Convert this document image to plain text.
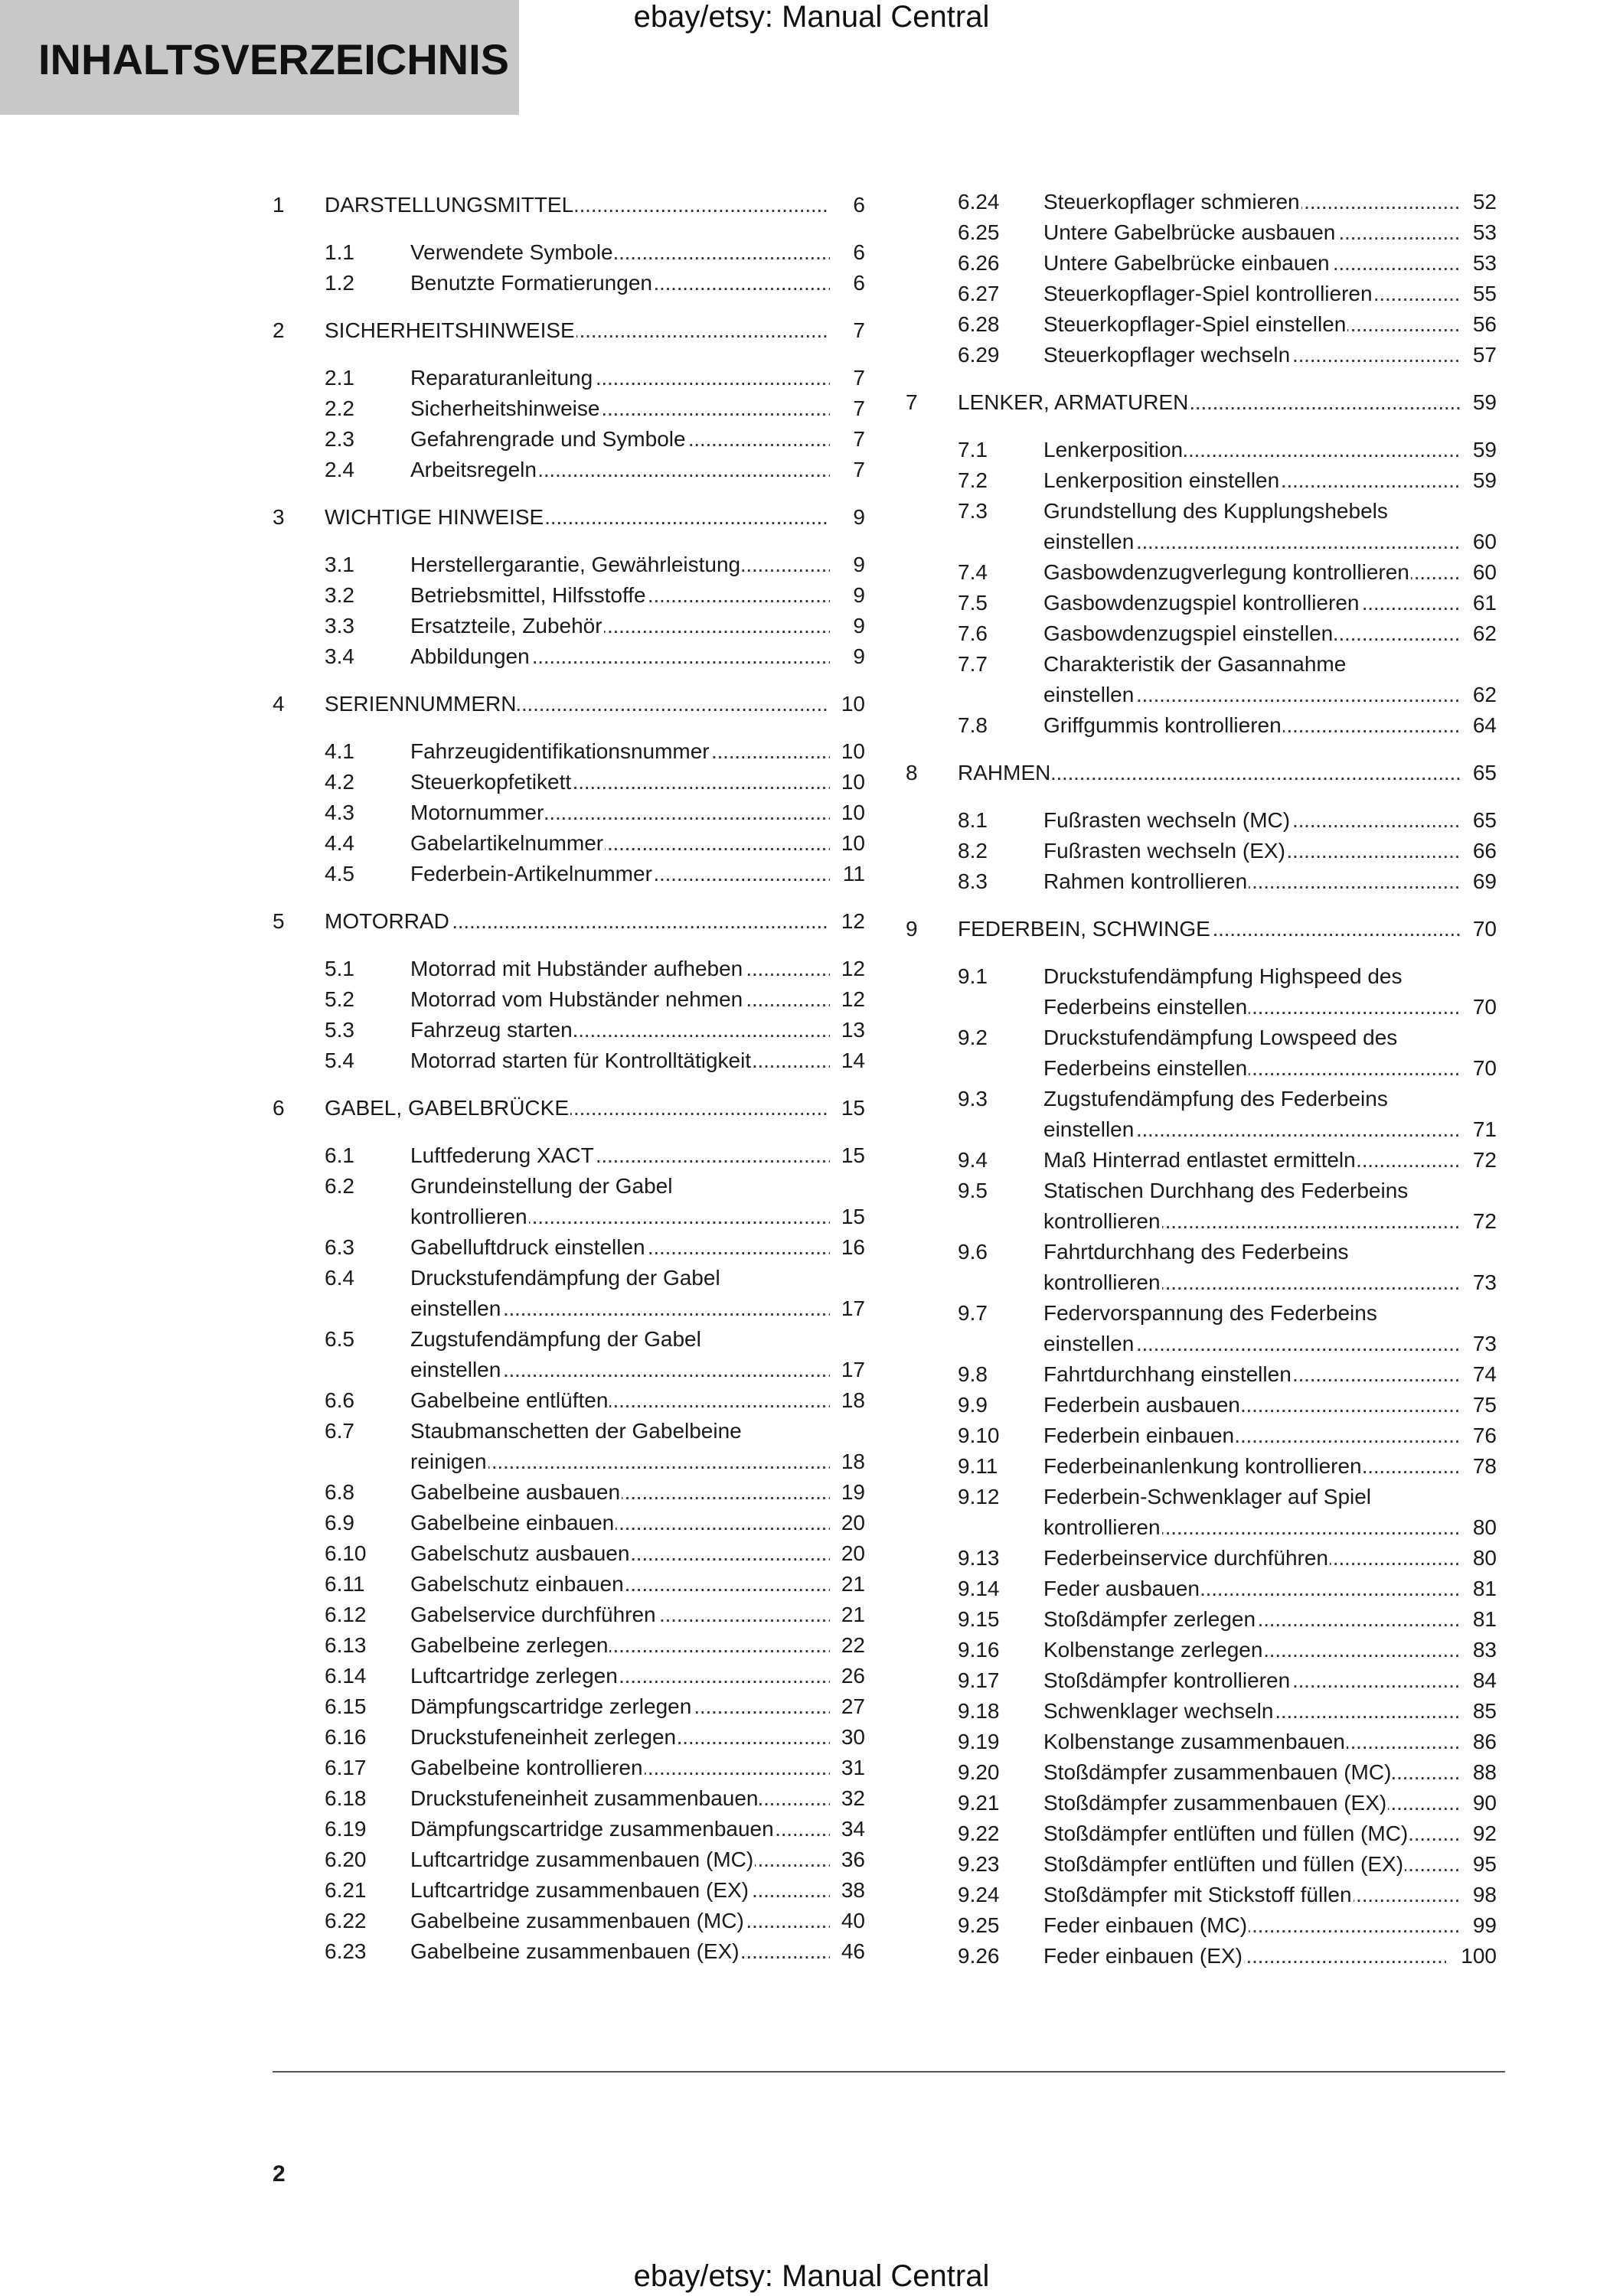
ebay/etsy: Manual Central
INHALTSVERZEICHNIS
1	DARSTELLUNGSMITTEL . . .	6
1.1	Verwendete Symbole . . .	6
1.2	Benutzte Formatierungen . . .	6
2	SICHERHEITSHINWEISE . . .	7
2.1	Reparaturanleitung . . .	7
2.2	Sicherheitshinweise . . .	7
2.3	Gefahrengrade und Symbole . . .	7
2.4	Arbeitsregeln . . .	7
3	WICHTIGE HINWEISE . . .	9
3.1	Herstellergarantie, Gewährleistung . . .	9
3.2	Betriebsmittel, Hilfsstoffe . . .	9
3.3	Ersatzteile, Zubehör . . .	9
3.4	Abbildungen . . .	9
4	SERIENNUMMERN . . .	10
4.1	Fahrzeugidentifikationsnummer . . .	10
4.2	Steuerkopfetikett . . .	10
4.3	Motornummer . . .	10
4.4	Gabelartikelnummer . . .	10
4.5	Federbein-Artikelnummer . . .	11
5	MOTORRAD . . .	12
5.1	Motorrad mit Hubständer aufheben . . .	12
5.2	Motorrad vom Hubständer nehmen . . .	12
5.3	Fahrzeug starten . . .	13
5.4	Motorrad starten für Kontrolltätigkeit . . .	14
6	GABEL, GABELBRÜCKE . . .	15
6.1	Luftfederung XACT . . .	15
6.2	Grundeinstellung der Gabel
kontrollieren . . .	15
6.3	Gabelluftdruck einstellen . . .	16
6.4	Druckstufendämpfung der Gabel
einstellen . . .	17
6.5	Zugstufendämpfung der Gabel
einstellen . . .	17
6.6	Gabelbeine entlüften . . .	18
6.7	Staubmanschetten der Gabelbeine
reinigen . . .	18
6.8	Gabelbeine ausbauen . . .	19
6.9	Gabelbeine einbauen . . .	20
6.10	Gabelschutz ausbauen . . .	20
6.11	Gabelschutz einbauen . . .	21
6.12	Gabelservice durchführen . . .	21
6.13	Gabelbeine zerlegen . . .	22
6.14	Luftcartridge zerlegen . . .	26
6.15	Dämpfungscartridge zerlegen . . .	27
6.16	Druckstufeneinheit zerlegen . . .	30
6.17	Gabelbeine kontrollieren . . .	31
6.18	Druckstufeneinheit zusammenbauen . . .	32
6.19	Dämpfungscartridge zusammenbauen . . .	34
6.20	Luftcartridge zusammenbauen (MC) . . .	36
6.21	Luftcartridge zusammenbauen (EX) . . .	38
6.22	Gabelbeine zusammenbauen (MC) . . .	40
6.23	Gabelbeine zusammenbauen (EX) . . .	46
6.24	Steuerkopflager schmieren . . .	52
6.25	Untere Gabelbrücke ausbauen . . .	53
6.26	Untere Gabelbrücke einbauen . . .	53
6.27	Steuerkopflager-Spiel kontrollieren . . .	55
6.28	Steuerkopflager-Spiel einstellen . . .	56
6.29	Steuerkopflager wechseln . . .	57
7	LENKER, ARMATUREN . . .	59
7.1	Lenkerposition . . .	59
7.2	Lenkerposition einstellen . . .	59
7.3	Grundstellung des Kupplungshebels
einstellen . . .	60
7.4	Gasbowdenzugverlegung kontrollieren . . .	60
7.5	Gasbowdenzugspiel kontrollieren . . .	61
7.6	Gasbowdenzugspiel einstellen . . .	62
7.7	Charakteristik der Gasannahme
einstellen . . .	62
7.8	Griffgummis kontrollieren . . .	64
8	RAHMEN . . .	65
8.1	Fußrasten wechseln (MC) . . .	65
8.2	Fußrasten wechseln (EX) . . .	66
8.3	Rahmen kontrollieren . . .	69
9	FEDERBEIN, SCHWINGE . . .	70
9.1	Druckstufendämpfung Highspeed des
Federbeins einstellen . . .	70
9.2	Druckstufendämpfung Lowspeed des
Federbeins einstellen . . .	70
9.3	Zugstufendämpfung des Federbeins
einstellen . . .	71
9.4	Maß Hinterrad entlastet ermitteln . . .	72
9.5	Statischen Durchhang des Federbeins
kontrollieren . . .	72
9.6	Fahrtdurchhang des Federbeins
kontrollieren . . .	73
9.7	Federvorspannung des Federbeins
einstellen . . .	73
9.8	Fahrtdurchhang einstellen . . .	74
9.9	Federbein ausbauen . . .	75
9.10	Federbein einbauen . . .	76
9.11	Federbeinanlenkung kontrollieren . . .	78
9.12	Federbein-Schwenklager auf Spiel
kontrollieren . . .	80
9.13	Federbeinservice durchführen . . .	80
9.14	Feder ausbauen . . .	81
9.15	Stoßdämpfer zerlegen . . .	81
9.16	Kolbenstange zerlegen . . .	83
9.17	Stoßdämpfer kontrollieren . . .	84
9.18	Schwenklager wechseln . . .	85
9.19	Kolbenstange zusammenbauen . . .	86
9.20	Stoßdämpfer zusammenbauen (MC) . . .	88
9.21	Stoßdämpfer zusammenbauen (EX) . . .	90
9.22	Stoßdämpfer entlüften und füllen (MC) . . .	92
9.23	Stoßdämpfer entlüften und füllen (EX) . . .	95
9.24	Stoßdämpfer mit Stickstoff füllen . . .	98
9.25	Feder einbauen (MC) . . .	99
9.26	Feder einbauen (EX) . . .	100
2
ebay/etsy: Manual Central
